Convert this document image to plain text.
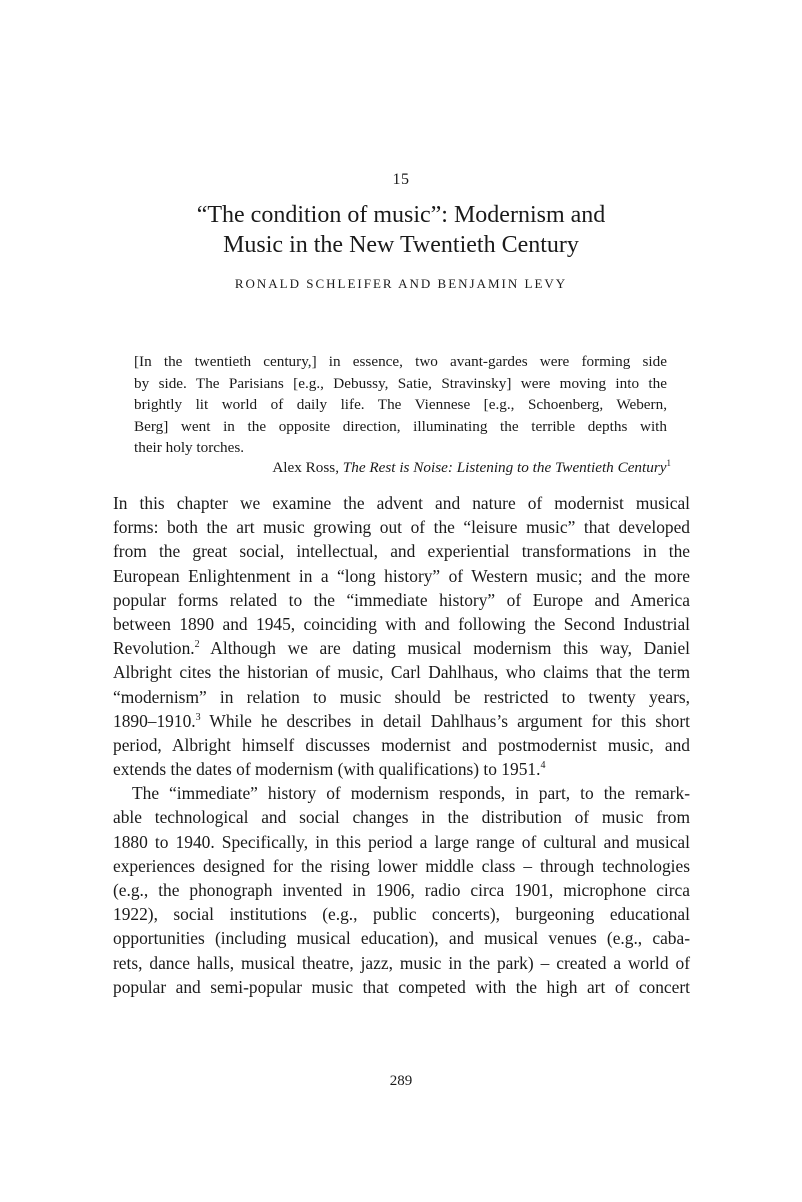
15
“The condition of music”: Modernism and
Music in the New Twentieth Century
RONALD SCHLEIFER AND BENJAMIN LEVY
[In the twentieth century,] in essence, two avant-gardes were forming side
by side. The Parisians [e.g., Debussy, Satie, Stravinsky] were moving into the
brightly lit world of daily life. The Viennese [e.g., Schoenberg, Webern,
Berg] went in the opposite direction, illuminating the terrible depths with
their holy torches.
Alex Ross, The Rest is Noise: Listening to the Twentieth Century$^1$
In this chapter we examine the advent and nature of modernist musical
forms: both the art music growing out of the “leisure music” that developed
from the great social, intellectual, and experiential transformations in the
European Enlightenment in a “long history” of Western music; and the more
popular forms related to the “immediate history” of Europe and America
between 1890 and 1945, coinciding with and following the Second Industrial
Revolution.$^2$ Although we are dating musical modernism this way, Daniel
Albright cites the historian of music, Carl Dahlhaus, who claims that the term
“modernism” in relation to music should be restricted to twenty years,
1890–1910.$^3$ While he describes in detail Dahlhaus’s argument for this short
period, Albright himself discusses modernist and postmodernist music, and
extends the dates of modernism (with qualifications) to 1951.$^4$
The “immediate” history of modernism responds, in part, to the remark-
able technological and social changes in the distribution of music from
1880 to 1940. Specifically, in this period a large range of cultural and musical
experiences designed for the rising lower middle class – through technologies
(e.g., the phonograph invented in 1906, radio circa 1901, microphone circa
1922), social institutions (e.g., public concerts), burgeoning educational
opportunities (including musical education), and musical venues (e.g., caba-
rets, dance halls, musical theatre, jazz, music in the park) – created a world of
popular and semi-popular music that competed with the high art of concert
289
